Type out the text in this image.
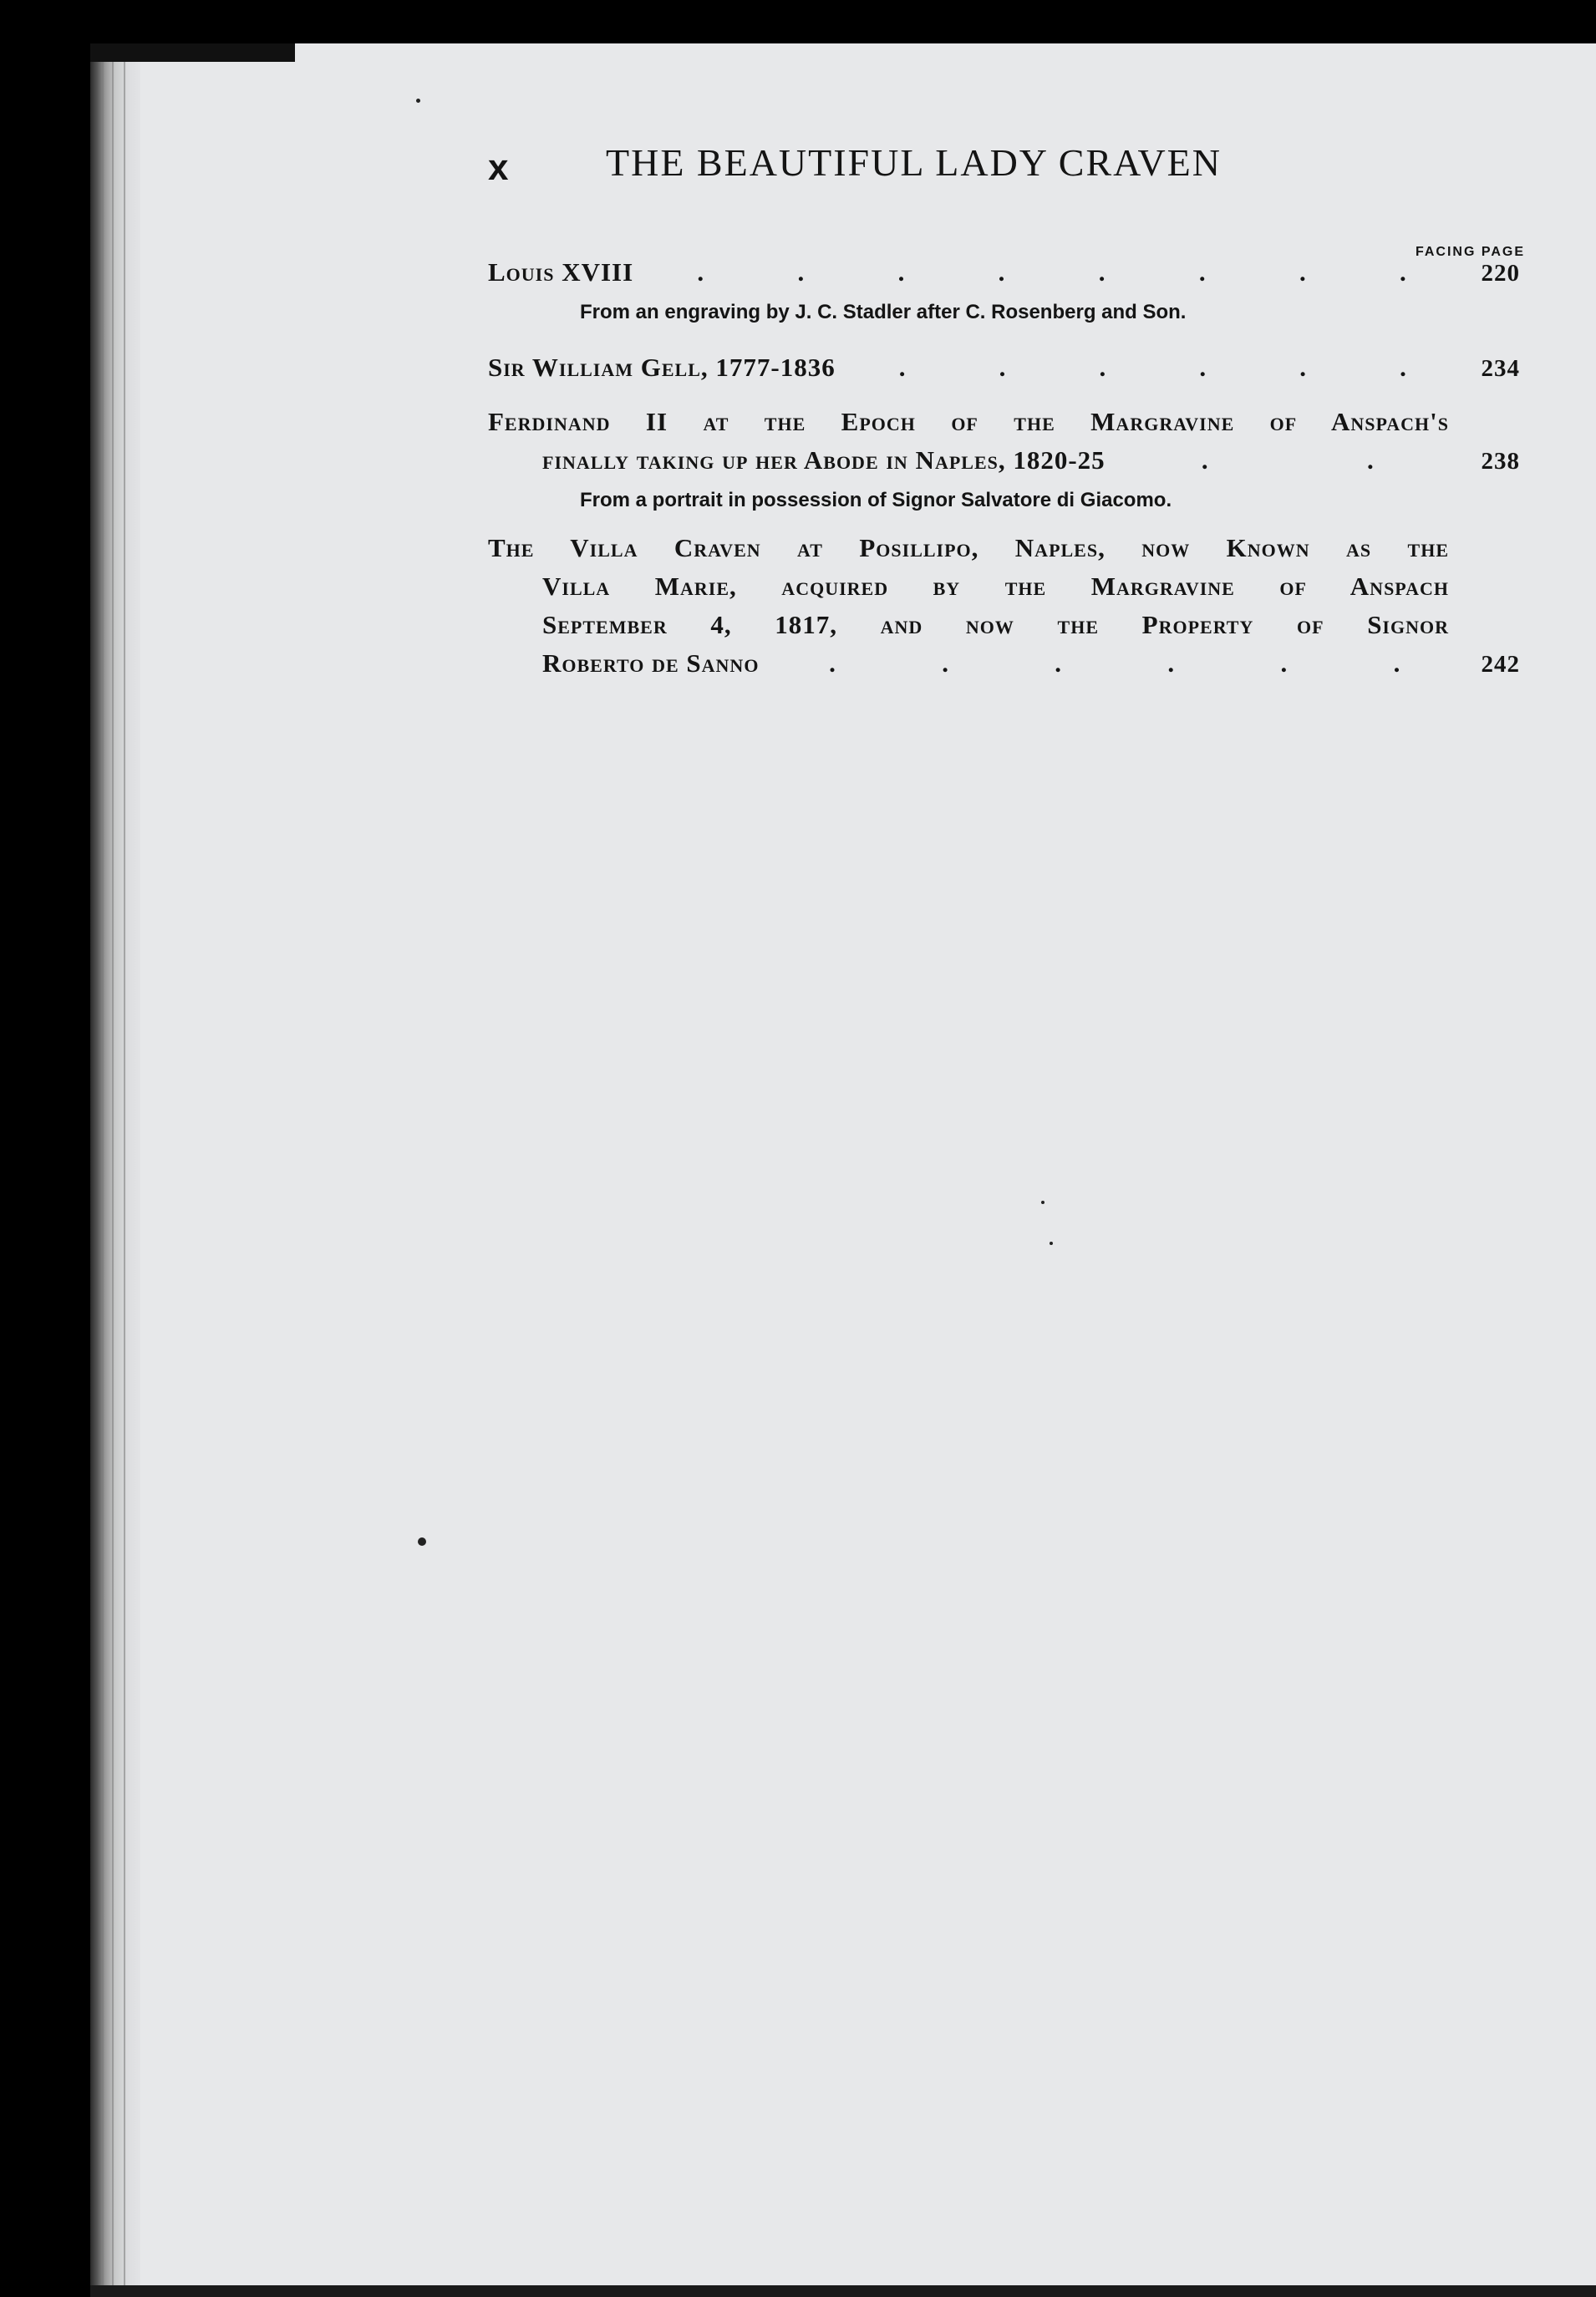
x	THE BEAUTIFUL LADY CRAVEN
FACING PAGE
Louis XVIII .	.	.	.	.	.	.	.	220
From an engraving by J. C. Stadler after C. Rosenberg and Son.
Sir William Gell, 1777-1836 .	.	.	.	.	.	234
Ferdinand II at the Epoch of the Margravine of Anspach's
finally taking up her Abode in Naples, 1820-25	.	.	238
From a portrait in possession of Signor Salvatore di Giacomo.
The Villa Craven at Posillipo, Naples, now Known as the
Villa Marie, acquired by the Margravine of Anspach
September 4, 1817, and now the Property of Signor
Roberto de Sanno	.	.	.	.	.	.	242
